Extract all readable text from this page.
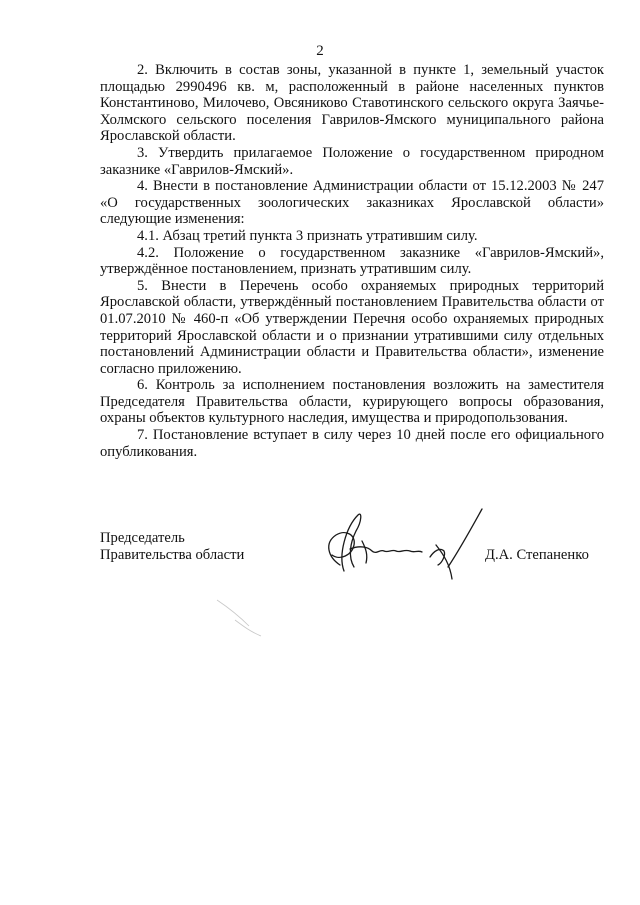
2

2. Включить в состав зоны, указанной в пункте 1, земельный участок площадью 2990496 кв. м, расположенный в районе населенных пунктов Константиново, Милочево, Овсяниково Ставотинского сельского округа Заячье-Холмского сельского поселения Гаврилов-Ямского муниципального района Ярославской области.

3. Утвердить прилагаемое Положение о государственном природном заказнике «Гаврилов-Ямский».

4. Внести в постановление Администрации области от 15.12.2003 № 247 «О государственных зоологических заказниках Ярославской области» следующие изменения:

4.1. Абзац третий пункта 3 признать утратившим силу.

4.2. Положение о государственном заказнике «Гаврилов-Ямский», утверждённое постановлением, признать утратившим силу.

5. Внести в Перечень особо охраняемых природных территорий Ярославской области, утверждённый постановлением Правительства области от 01.07.2010 № 460-п «Об утверждении Перечня особо охраняемых природных территорий Ярославской области и о признании утратившими силу отдельных постановлений Администрации области и Правительства области», изменение согласно приложению.

6. Контроль за исполнением постановления возложить на заместителя Председателя Правительства области, курирующего вопросы образования, охраны объектов культурного наследия, имущества и природопользования.

7. Постановление вступает в силу через 10 дней после его официального опубликования.

Председатель
Правительства области	Д.А. Степаненко
